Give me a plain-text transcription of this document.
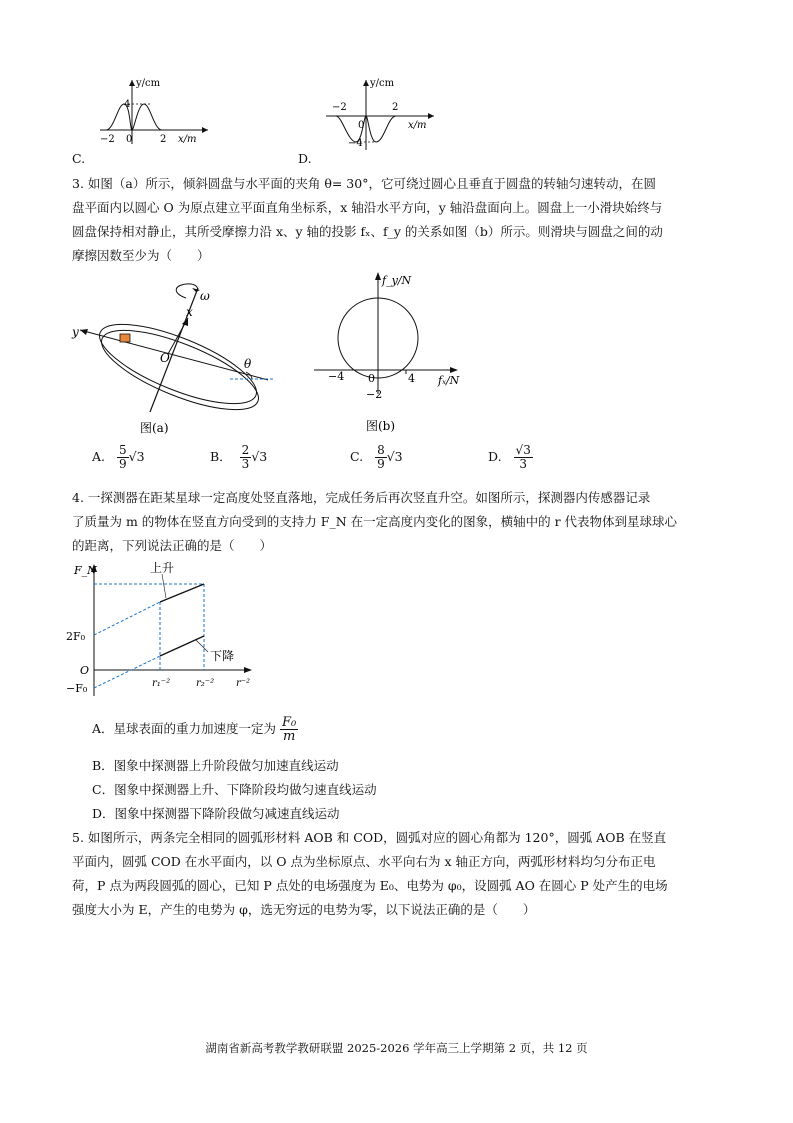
y/cm
x/m
−2 0	2
4
C.
y/cm
x/m
−2	2
0
−4
D.
3. 如图（a）所示，倾斜圆盘与水平面的夹角 θ= 30°，它可绕过圆心且垂直于圆盘的转轴匀速转动，在圆
盘平面内以圆心 O 为原点建立平面直角坐标系，x 轴沿水平方向，y 轴沿盘面向上。圆盘上一小滑块始终与
圆盘保持相对静止，其所受摩擦力沿 x、y 轴的投影 fₓ、f_y 的关系如图（b）所示。则滑块与圆盘之间的动
摩擦因数至少为（　　）
ω
x
y
O	θ
图(a)
f_y/N
fₓ/N
−4 0	4
−2
图(b)
A. $\frac{5}{9} √3$	B． $\frac{2}{3} √3$	C. $\frac{8}{9} √3$	D. $\frac{√3}{3}$
4. 一探测器在距某星球一定高度处竖直落地，完成任务后再次竖直升空。如图所示，探测器内传感器记录
了质量为 m 的物体在竖直方向受到的支持力 F_N 在一定高度内变化的图象，横轴中的 r 代表物体到星球球心
的距离，下列说法正确的是（　　）
F_N	上升
下降
2F₀
O
−F₀	r₁⁻²	r₂⁻² r⁻²
A．星球表面的重力加速度一定为 $\frac{\text{F₀}}{m}$
B．图象中探测器上升阶段做匀加速直线运动
C．图象中探测器上升、下降阶段均做匀速直线运动
D．图象中探测器下降阶段做匀减速直线运动
5. 如图所示，两条完全相同的圆弧形材料 AOB 和 COD，圆弧对应的圆心角都为 120°，圆弧 AOB 在竖直
平面内，圆弧 COD 在水平面内，以 O 点为坐标原点、水平向右为 x 轴正方向，两弧形材料均匀分布正电
荷，P 点为两段圆弧的圆心，已知 P 点处的电场强度为 E₀、电势为 φ₀，设圆弧 AO 在圆心 P 处产生的电场
强度大小为 E，产生的电势为 φ，选无穷远的电势为零，以下说法正确的是（　　）
湖南省新高考教学教研联盟 2025-2026 学年高三上学期第 2 页，共 12 页
